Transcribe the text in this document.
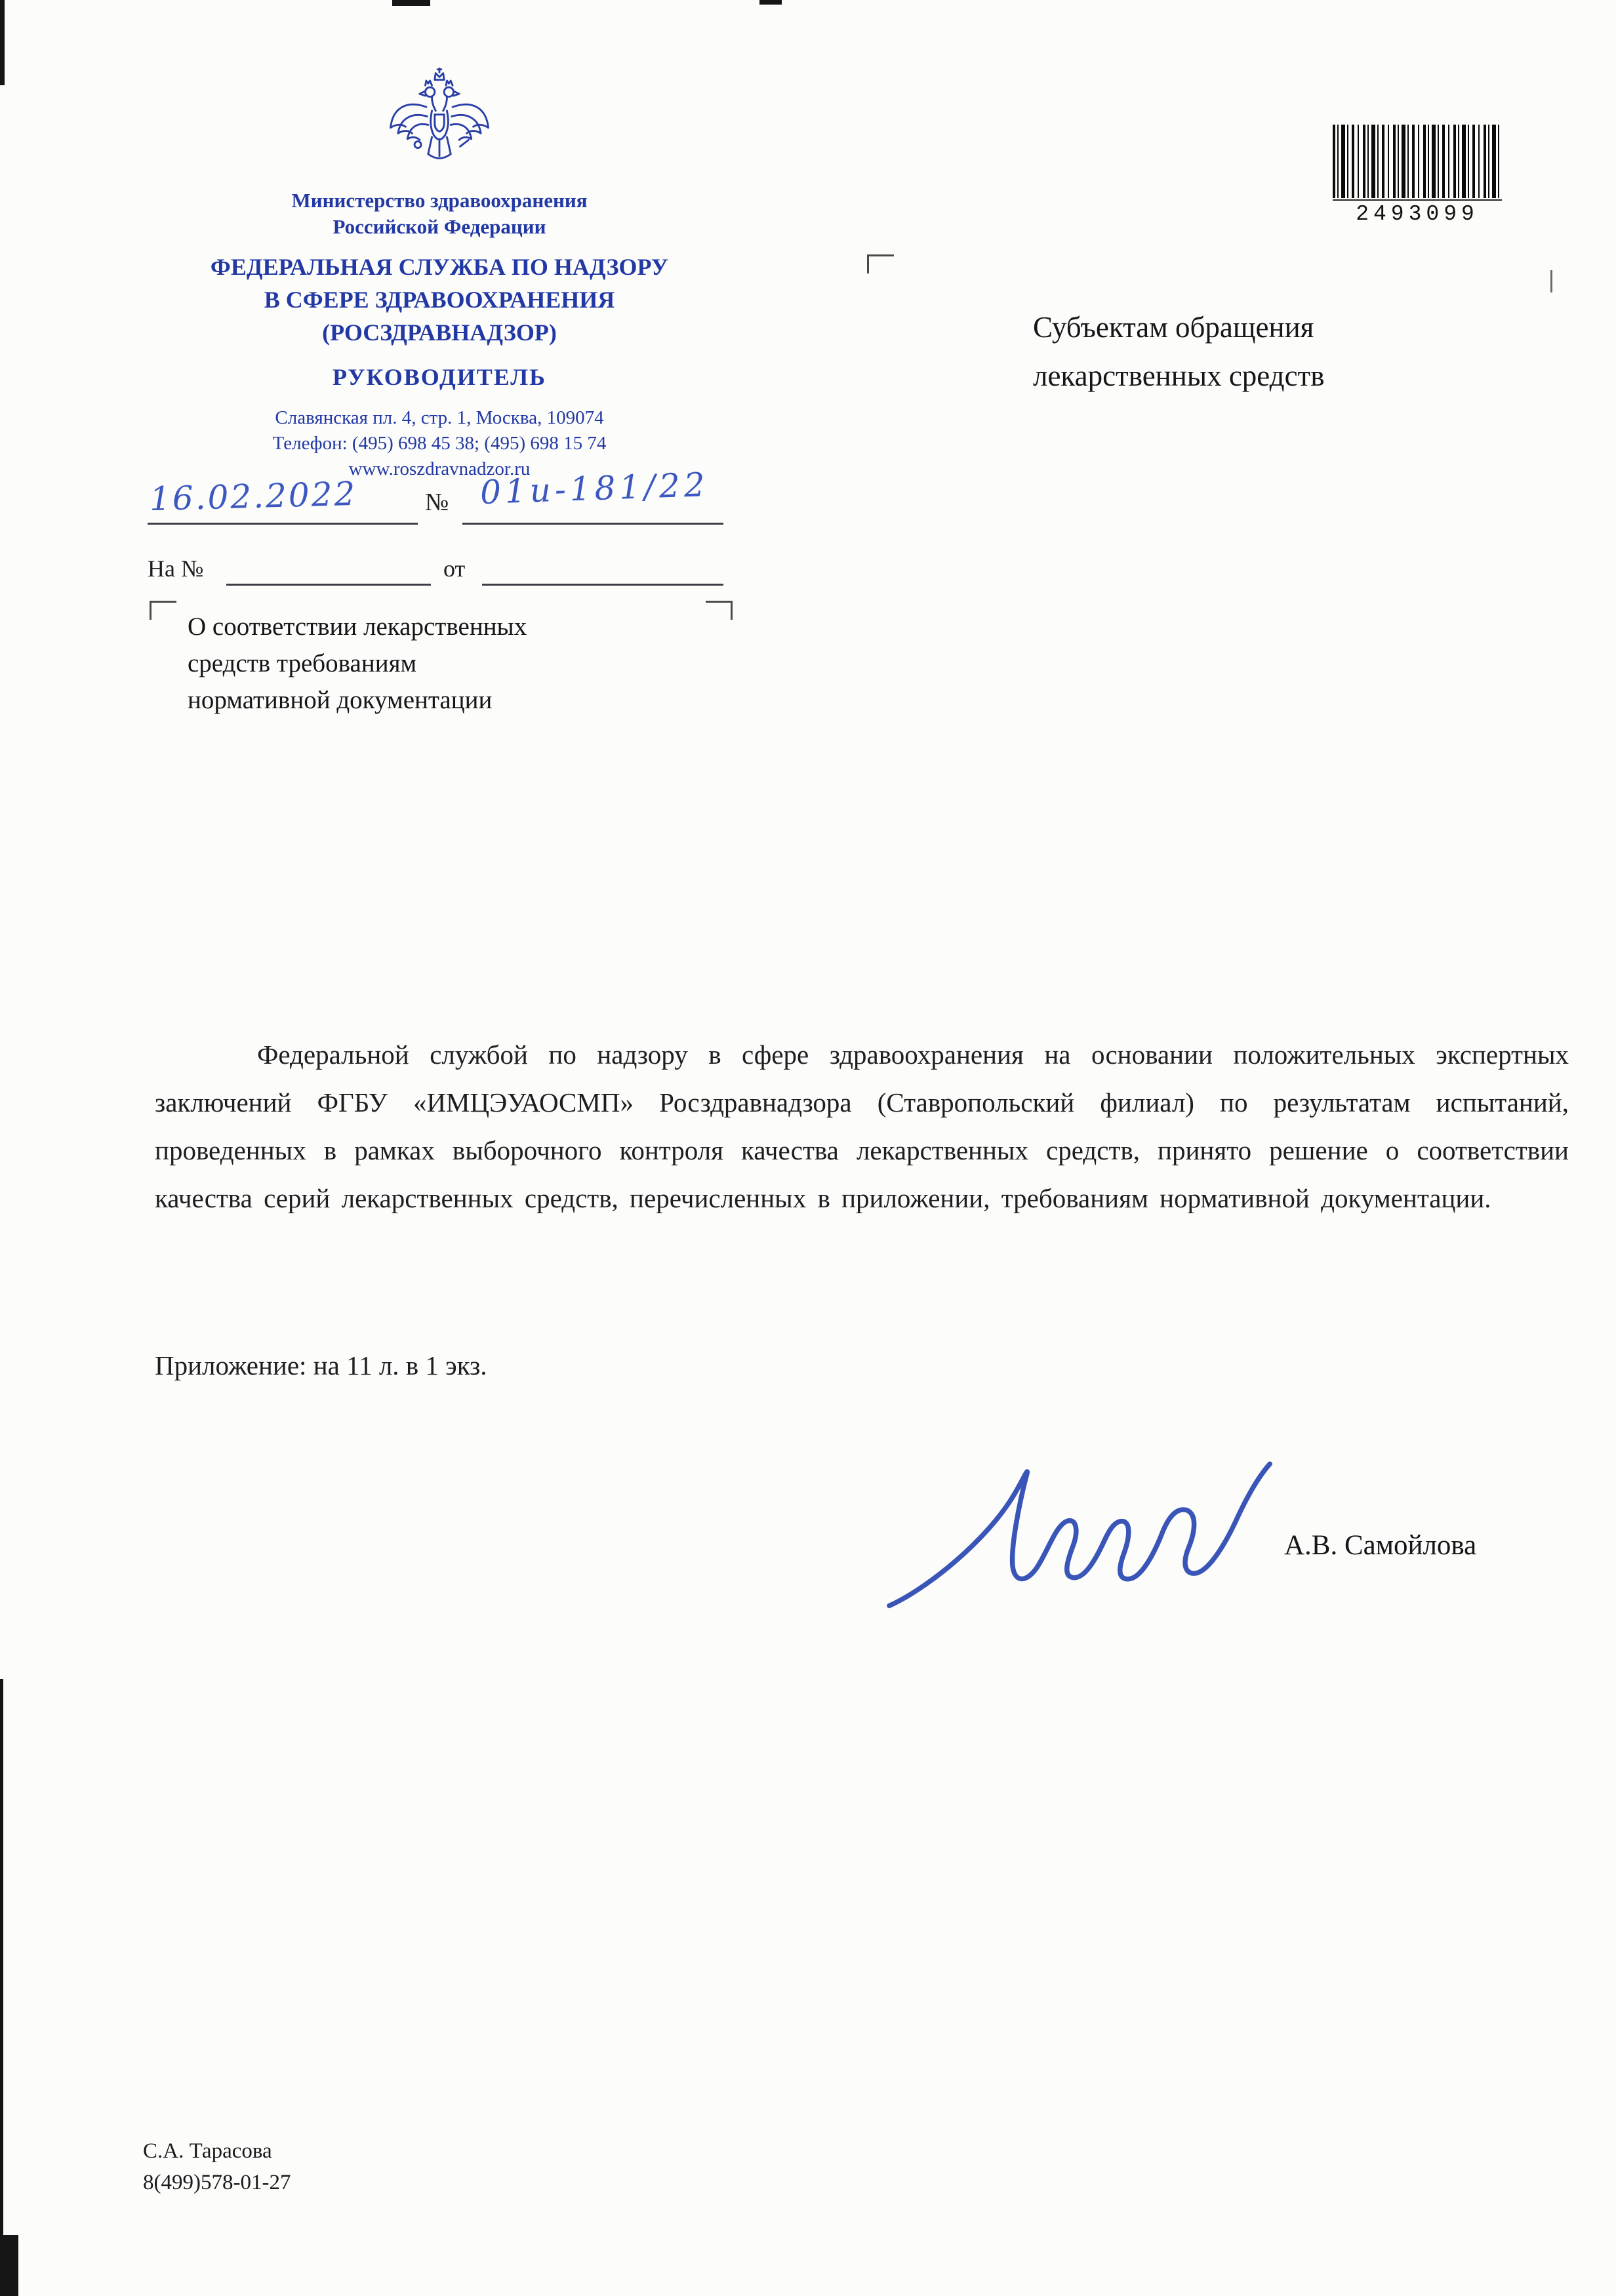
Министерство здравоохранения
Российской Федерации
ФЕДЕРАЛЬНАЯ СЛУЖБА ПО НАДЗОРУ
В СФЕРЕ ЗДРАВООХРАНЕНИЯ
(РОСЗДРАВНАДЗОР)
РУКОВОДИТЕЛЬ
Славянская пл. 4, стр. 1, Москва, 109074
Телефон: (495) 698 45 38; (495) 698 15 74
www.roszdravnadzor.ru
2493099
Субъектам обращения
лекарственных средств
16.02.2022	№ 01и-181/22
На №	от
О соответствии лекарственных
средств требованиям
нормативной документации
Федеральной службой по надзору в сфере здравоохранения на основании положительных экспертных заключений ФГБУ «ИМЦЭУАОСМП» Росздравнадзора (Ставропольский филиал) по результатам испытаний, проведенных в рамках выборочного контроля качества лекарственных средств, принято решение о соответствии качества серий лекарственных средств, перечисленных в приложении, требованиям нормативной документации.
Приложение: на 11 л. в 1 экз.
А.В. Самойлова
С.А. Тарасова
8(499)578-01-27
